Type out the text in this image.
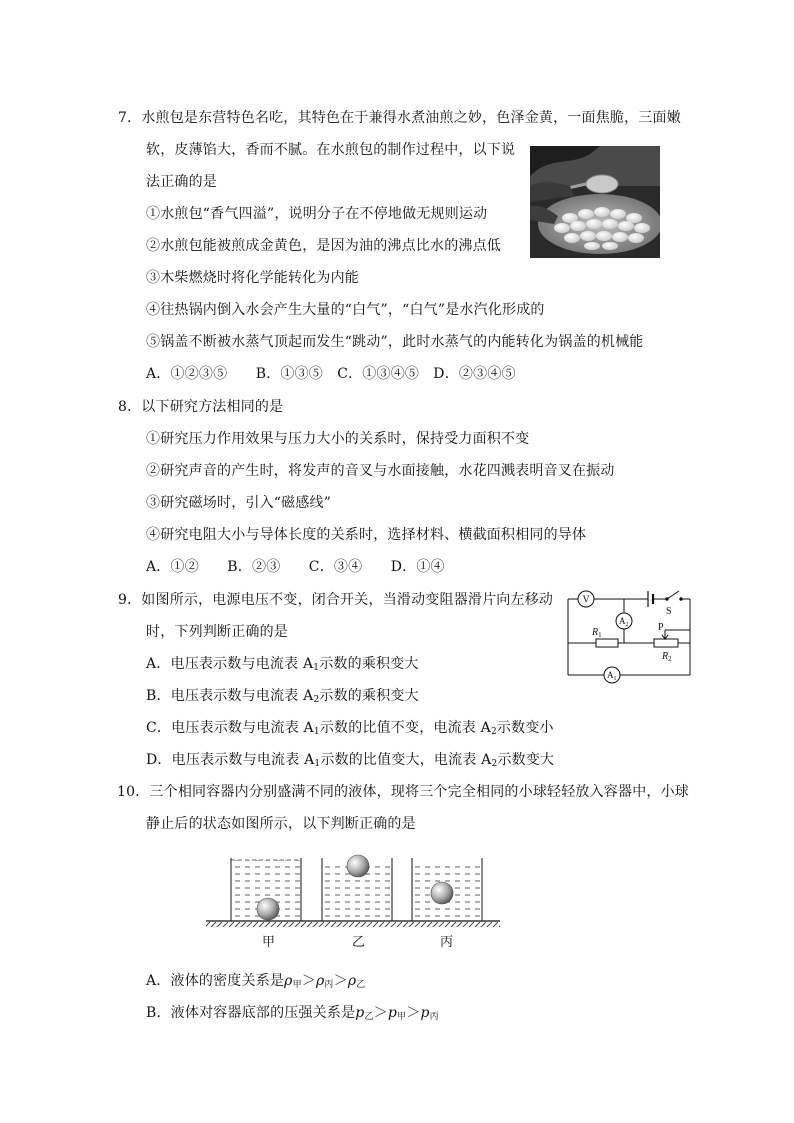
7．水煎包是东营特色名吃，其特色在于兼得水煮油煎之妙，色泽金黄，一面焦脆，三面嫩
软，皮薄馅大，香而不腻。在水煎包的制作过程中，以下说
法正确的是
①水煎包“香气四溢”，说明分子在不停地做无规则运动
②水煎包能被煎成金黄色，是因为油的沸点比水的沸点低
③木柴燃烧时将化学能转化为内能
④往热锅内倒入水会产生大量的“白气”，“白气”是水汽化形成的
⑤锅盖不断被水蒸气顶起而发生“跳动”，此时水蒸气的内能转化为锅盖的机械能
A．①②③⑤　　B．①③⑤　C．①③④⑤　D．②③④⑤
8．以下研究方法相同的是
①研究压力作用效果与压力大小的关系时，保持受力面积不变
②研究声音的产生时，将发声的音叉与水面接触，水花四溅表明音叉在振动
③研究磁场时，引入“磁感线”
④研究电阻大小与导体长度的关系时，选择材料、横截面积相同的导体
A．①②　　B．②③　　C．③④　　D．①④
9．如图所示，电源电压不变，闭合开关，当滑动变阻器滑片向左移动
时，下列判断正确的是
A．电压表示数与电流表 $A_1$示数的乘积变大
B．电压表示数与电流表 $A_2$示数的乘积变大
C．电压表示数与电流表 $A_1$示数的比值不变，电流表 $A_2$示数变小
D．电压表示数与电流表 $A_1$示数的比值变大，电流表 $A_2$示数变大
V
S
$A_2$
$R_1$
P
$R_2$
$A_1$
10．三个相同容器内分别盛满不同的液体，现将三个完全相同的小球轻轻放入容器中，小球
静止后的状态如图所示，以下判断正确的是
甲	乙	丙
A．液体的密度关系是$\rho_甲>\rho_丙>\rho_乙$
B．液体对容器底部的压强关系是$p_乙>p_甲>p_丙$
